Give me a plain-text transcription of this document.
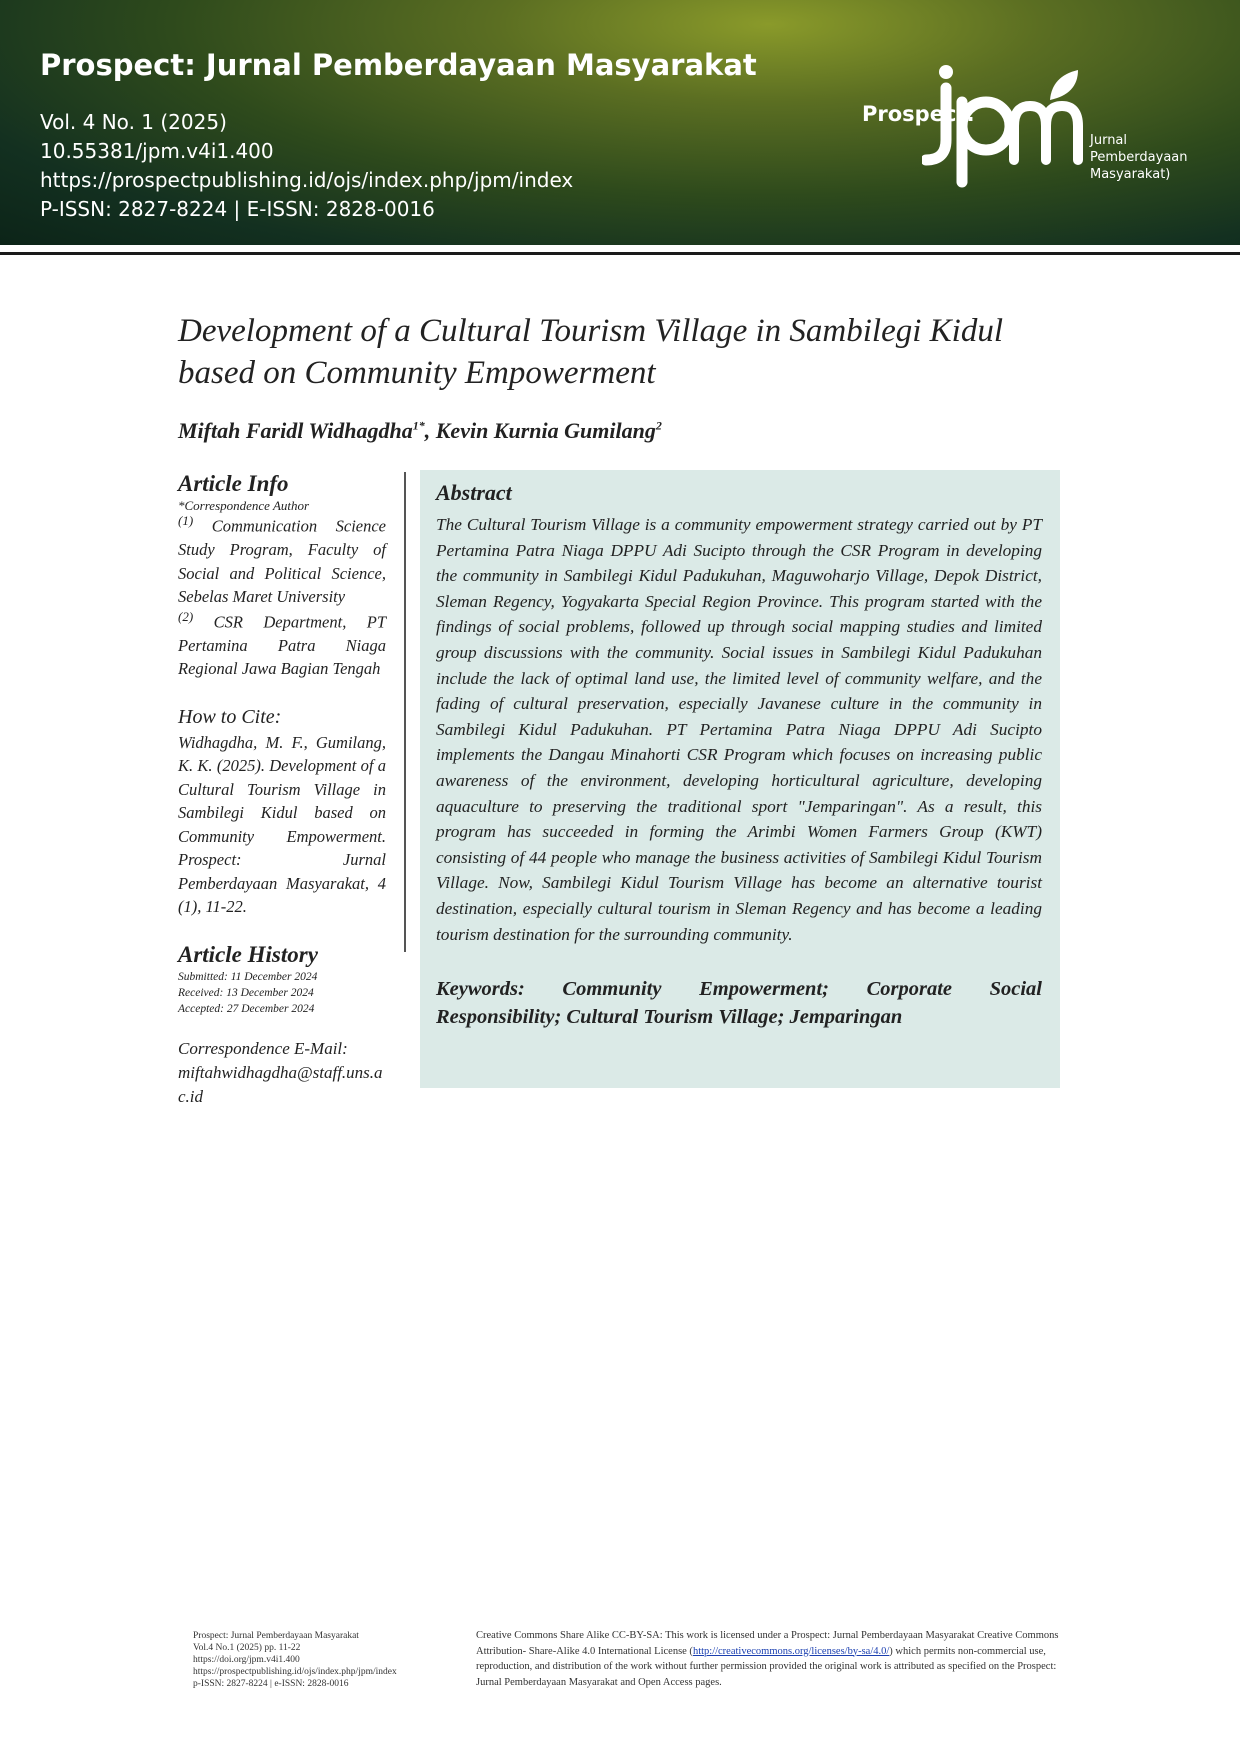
Prospect: Jurnal Pemberdayaan Masyarakat
Vol. 4 No. 1 (2025)
10.55381/jpm.v4i1.400
https://prospectpublishing.id/ojs/index.php/jpm/index
P-ISSN: 2827-8224 | E-ISSN: 2828-0016
Prospect:
Jurnal
Pemberdayaan
Masyarakat)
Development of a Cultural Tourism Village in Sambilegi Kidul based on Community Empowerment
Miftah Faridl Widhagdha$^{1*}$, Kevin Kurnia Gumilang$^2$
Article Info
*Correspondence Author
$^{(1)}$ Communication Science Study Program, Faculty of Social and Political Science, Sebelas Maret University
$^{(2)}$ CSR Department, PT Pertamina Patra Niaga Regional Jawa Bagian Tengah
How to Cite:
Widhagdha, M. F., Gumilang, K. K. (2025). Development of a Cultural Tourism Village in Sambilegi Kidul based on Community Empowerment. Prospect: Jurnal Pemberdayaan Masyarakat, 4 (1), 11-22.
Article History
Submitted: 11 December 2024
Received: 13 December 2024
Accepted: 27 December 2024
Correspondence E-Mail:
miftahwidhagdha@staff.uns.ac.id
Abstract
The Cultural Tourism Village is a community empowerment strategy carried out by PT Pertamina Patra Niaga DPPU Adi Sucipto through the CSR Program in developing the community in Sambilegi Kidul Padukuhan, Maguwoharjo Village, Depok District, Sleman Regency, Yogyakarta Special Region Province. This program started with the findings of social problems, followed up through social mapping studies and limited group discussions with the community. Social issues in Sambilegi Kidul Padukuhan include the lack of optimal land use, the limited level of community welfare, and the fading of cultural preservation, especially Javanese culture in the community in Sambilegi Kidul Padukuhan. PT Pertamina Patra Niaga DPPU Adi Sucipto implements the Dangau Minahorti CSR Program which focuses on increasing public awareness of the environment, developing horticultural agriculture, developing aquaculture to preserving the traditional sport "Jemparingan". As a result, this program has succeeded in forming the Arimbi Women Farmers Group (KWT) consisting of 44 people who manage the business activities of Sambilegi Kidul Tourism Village. Now, Sambilegi Kidul Tourism Village has become an alternative tourist destination, especially cultural tourism in Sleman Regency and has become a leading tourism destination for the surrounding community.
Keywords: Community Empowerment; Corporate Social Responsibility; Cultural Tourism Village; Jemparingan
Prospect: Jurnal Pemberdayaan Masyarakat
Vol.4 No.1 (2025) pp. 11-22
https://doi.org/jpm.v4i1.400
https://prospectpublishing.id/ojs/index.php/jpm/index
p-ISSN: 2827-8224 | e-ISSN: 2828-0016
Creative Commons Share Alike CC-BY-SA: This work is licensed under a Prospect: Jurnal Pemberdayaan Masyarakat Creative Commons Attribution- Share-Alike 4.0 International License (http://creativecommons.org/licenses/by-sa/4.0/) which permits non-commercial use, reproduction, and distribution of the work without further permission provided the original work is attributed as specified on the Prospect: Jurnal Pemberdayaan Masyarakat and Open Access pages.
